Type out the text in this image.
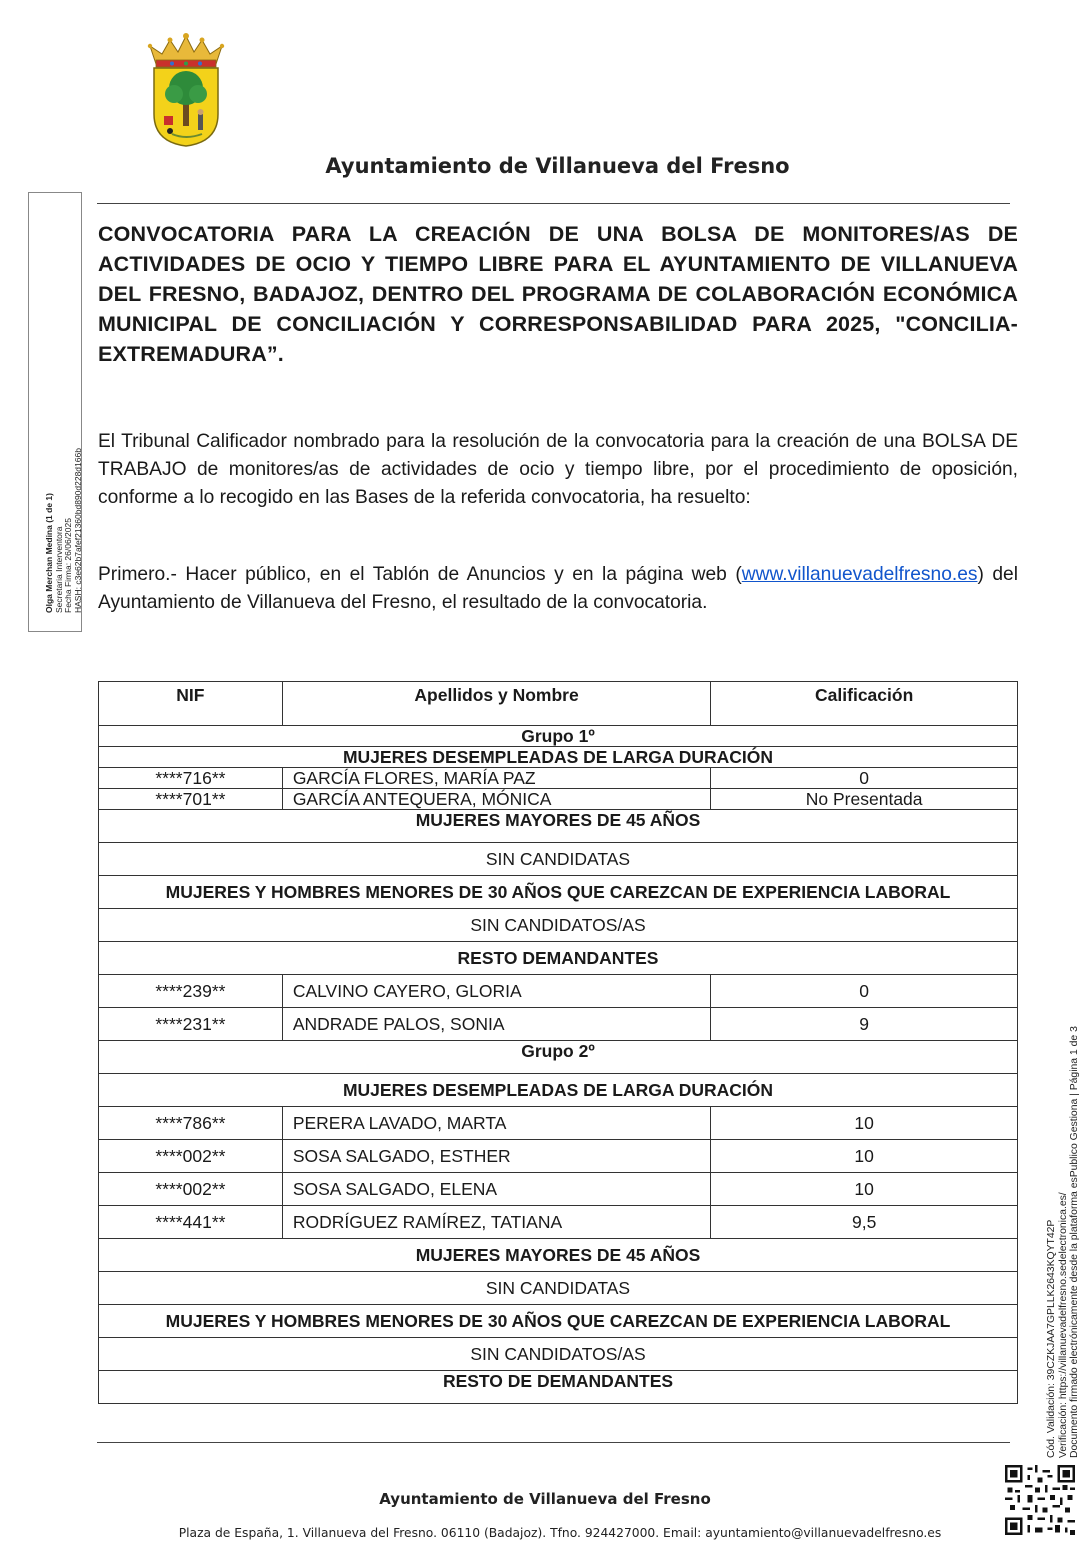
Ayuntamiento de Villanueva del Fresno
Olga Merchan Medina (1 de 1) Secretaria Interventora Fecha Firma: 26/06/2025 HASH: c3e62b7afef21360bd890d228d166b
CONVOCATORIA PARA LA CREACIÓN DE UNA BOLSA DE MONITORES/AS DE ACTIVIDADES DE OCIO Y TIEMPO LIBRE PARA EL AYUNTAMIENTO DE VILLANUEVA DEL FRESNO, BADAJOZ, DENTRO DEL PROGRAMA DE COLABORACIÓN ECONÓMICA MUNICIPAL DE CONCILIACIÓN Y CORRESPONSABILIDAD PARA 2025, "CONCILIA-EXTREMADURA”.
El Tribunal Calificador nombrado para la resolución de la convocatoria para la creación de una BOLSA DE TRABAJO de monitores/as de actividades de ocio y tiempo libre, por el procedimiento de oposición, conforme a lo recogido en las Bases de la referida convocatoria, ha resuelto:
Primero.- Hacer público, en el Tablón de Anuncios y en la página web (www.villanuevadelfresno.es) del Ayuntamiento de Villanueva del Fresno, el resultado de la convocatoria.
NIF	Apellidos y Nombre	Calificación
Grupo 1º		
MUJERES DESEMPLEADAS DE LARGA DURACIÓN		
****716**	GARCÍA FLORES, MARÍA PAZ	0
****701**	GARCÍA ANTEQUERA, MÓNICA	No Presentada
MUJERES MAYORES DE 45 AÑOS		
SIN CANDIDATAS		
MUJERES Y HOMBRES MENORES DE 30 AÑOS QUE CAREZCAN DE EXPERIENCIA LABORAL		
SIN CANDIDATOS/AS		
RESTO DEMANDANTES		
****239**	CALVINO CAYERO, GLORIA	0
****231**	ANDRADE PALOS, SONIA	9
Grupo 2º		
MUJERES DESEMPLEADAS DE LARGA DURACIÓN		
****786**	PERERA LAVADO, MARTA	10
****002**	SOSA SALGADO, ESTHER	10
****002**	SOSA SALGADO, ELENA	10
****441**	RODRÍGUEZ RAMÍREZ, TATIANA	9,5
MUJERES MAYORES DE 45 AÑOS		
SIN CANDIDATAS		
MUJERES Y HOMBRES MENORES DE 30 AÑOS QUE CAREZCAN DE EXPERIENCIA LABORAL		
SIN CANDIDATOS/AS		
RESTO DE DEMANDANTES			Cód. Validación: 39CZKJAA7GPLLK2643KQYT42P Verificación: https://villanuevadelfresno.sedelectronica.es/ Documento firmado electrónicamente desde la plataforma esPublico Gestiona | Página 1 de 3
Ayuntamiento de Villanueva del Fresno
Plaza de España, 1. Villanueva del Fresno. 06110 (Badajoz). Tfno. 924427000. Email: ayuntamiento@villanuevadelfresno.es
